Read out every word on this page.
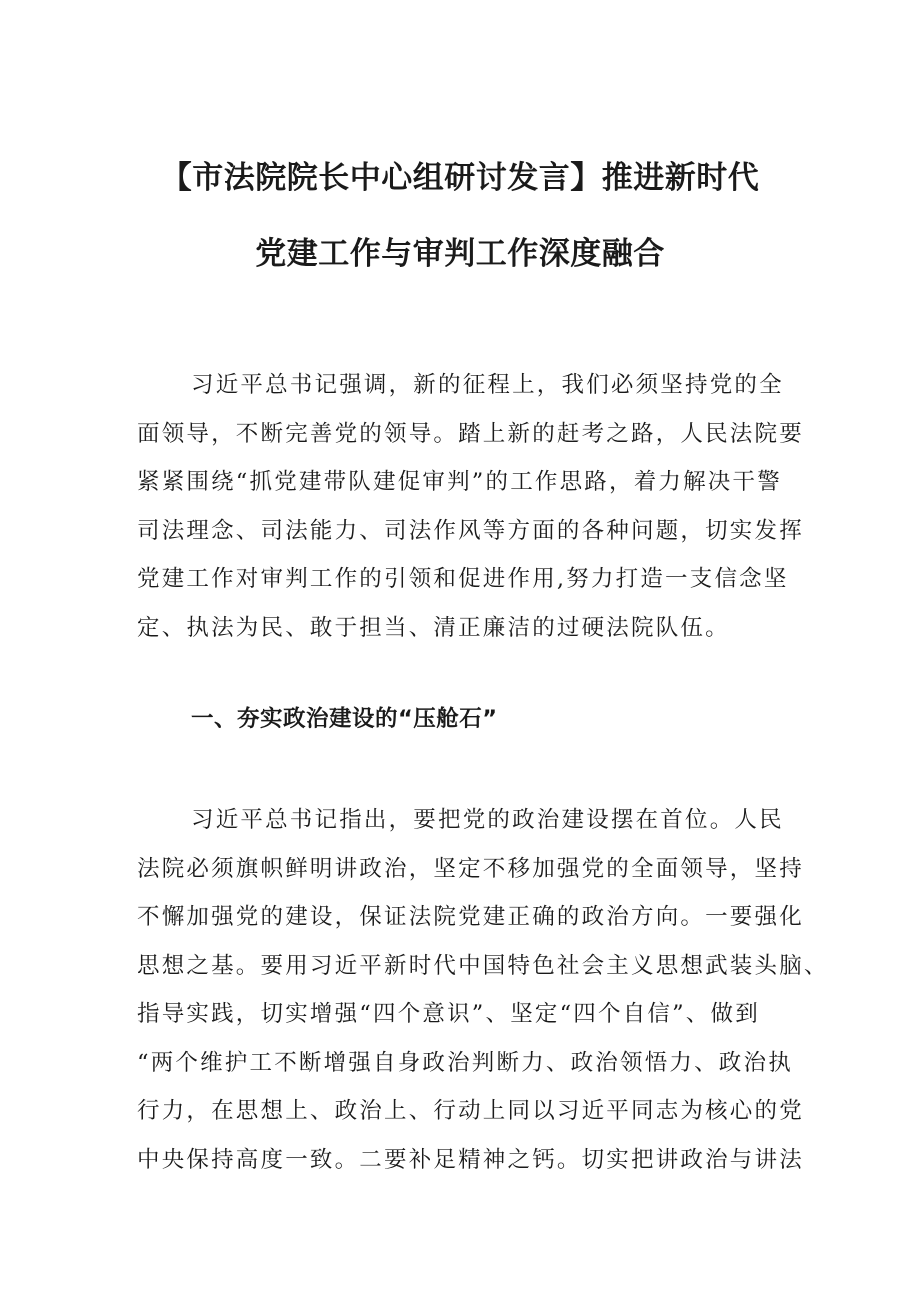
【市法院院长中心组研讨发言】推进新时代
党建工作与审判工作深度融合
习近平总书记强调，新的征程上，我们必须坚持党的全
面领导，不断完善党的领导。踏上新的赶考之路，人民法院要
紧紧围绕“抓党建带队建促审判”的工作思路，着力解决干警
司法理念、司法能力、司法作风等方面的各种问题，切实发挥
党建工作对审判工作的引领和促进作用,努力打造一支信念坚
定、执法为民、敢于担当、清正廉洁的过硬法院队伍。
一、夯实政治建设的“压舱石”
习近平总书记指出，要把党的政治建设摆在首位。人民
法院必须旗帜鲜明讲政治，坚定不移加强党的全面领导，坚持
不懈加强党的建设，保证法院党建正确的政治方向。一要强化
思想之基。要用习近平新时代中国特色社会主义思想武装头脑、
指导实践，切实增强“四个意识”、坚定“四个自信”、做到
“两个维护工不断增强自身政治判断力、政治领悟力、政治执
行力，在思想上、政治上、行动上同以习近平同志为核心的党
中央保持高度一致。二要补足精神之钙。切实把讲政治与讲法
